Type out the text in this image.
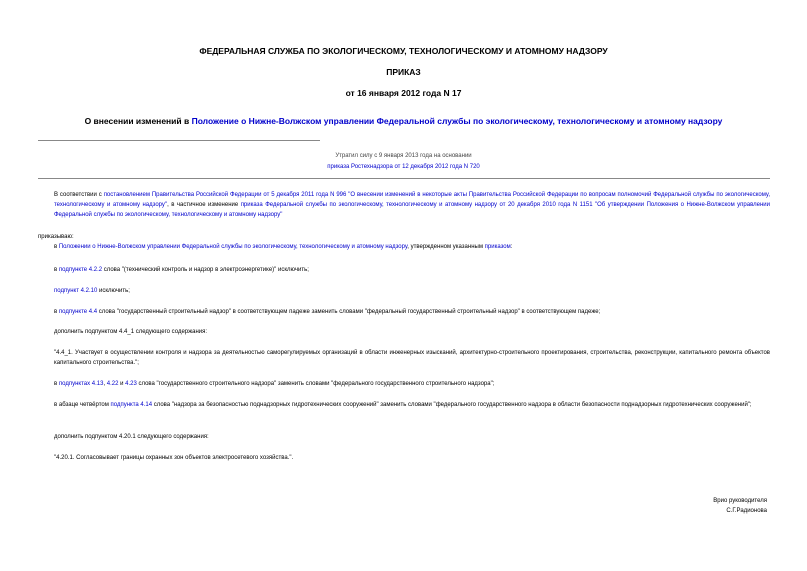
ФЕДЕРАЛЬНАЯ СЛУЖБА ПО ЭКОЛОГИЧЕСКОМУ, ТЕХНОЛОГИЧЕСКОМУ И АТОМНОМУ НАДЗОРУ
ПРИКАЗ
от 16 января 2012 года N 17
О внесении изменений в Положение о Нижне-Волжском управлении Федеральной службы по экологическому, технологическому и атомному надзору
Утратил силу с 9 января 2013 года на основании
приказа Ростехнадзора от 12 декабря 2012 года N 720
В соответствии с постановлением Правительства Российской Федерации от 5 декабря 2011 года N 996 "О внесении изменений в некоторые акты Правительства Российской Федерации по вопросам полномочий Федеральной службы по экологическому, технологическому и атомному надзору", в частичное изменение приказа Федеральной службы по экологическому, технологическому и атомному надзору от 20 декабря 2010 года N 1151 "Об утверждении Положения о Нижне-Волжском управлении Федеральной службы по экологическому, технологическому и атомному надзору"
приказываю:
в Положении о Нижне-Волжском управлении Федеральной службы по экологическому, технологическому и атомному надзору, утвержденном указанным приказом:
в подпункте 4.2.2 слова "(технический контроль и надзор в электроэнергетике)" исключить;
подпункт 4.2.10 исключить;
в подпункте 4.4 слова "государственный строительный надзор" в соответствующем падеже заменить словами "федеральный государственный строительный надзор" в соответствующем падеже;
дополнить подпунктом 4.4_1 следующего содержания:
"4.4_1. Участвует в осуществлении контроля и надзора за деятельностью саморегулируемых организаций в области инженерных изысканий, архитектурно-строительного проектирования, строительства, реконструкции, капитального ремонта объектов капитального строительства.";
в подпунктах 4.13, 4.22 и 4.23 слова "государственного строительного надзора" заменить словами "федерального государственного строительного надзора";
в абзаце четвёртом подпункта 4.14 слова "надзора за безопасностью поднадзорных гидротехнических сооружений" заменить словами "федерального государственного надзора в области безопасности поднадзорных гидротехнических сооружений";
дополнить подпунктом 4.20.1 следующего содержания:
"4.20.1. Согласовывает границы охранных зон объектов электросетевого хозяйства.".
Врио руководителя
С.Г.Радионова
